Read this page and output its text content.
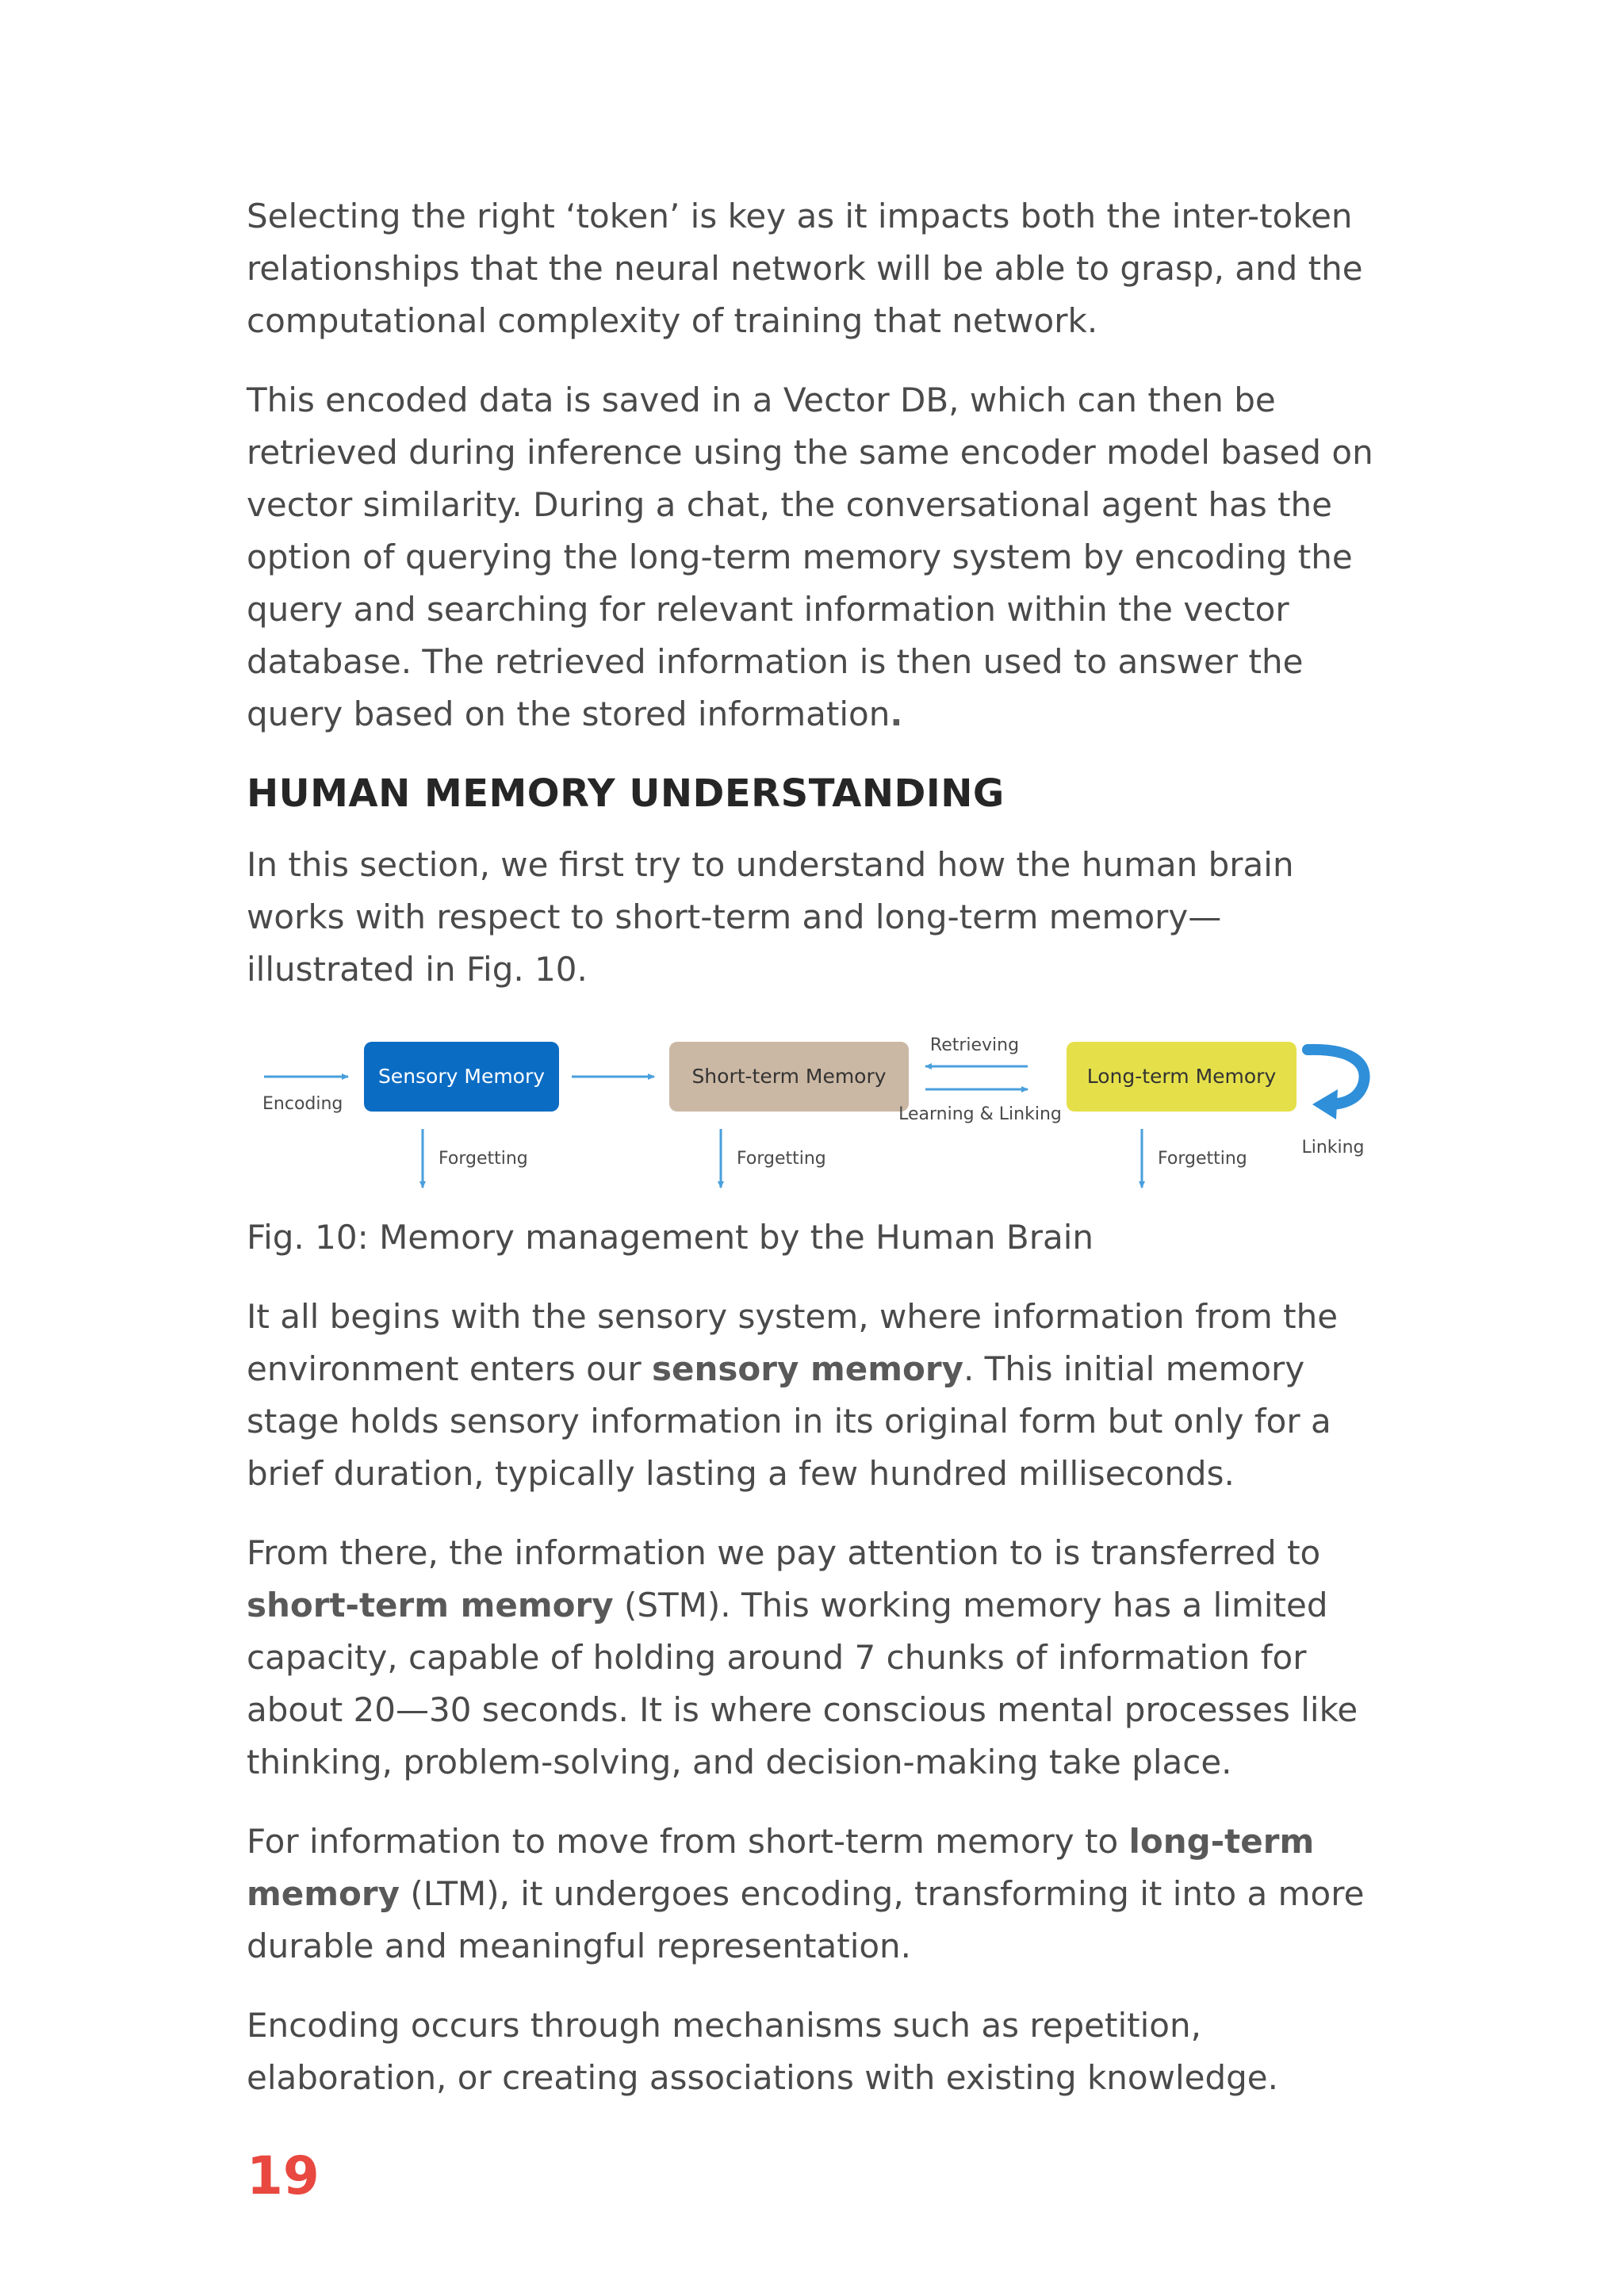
Selecting the right ‘token’ is key as it impacts both the inter-token relationships that the neural network will be able to grasp, and the computational complexity of training that network.

This encoded data is saved in a Vector DB, which can then be retrieved during inference using the same encoder model based on vector similarity. During a chat, the conversational agent has the option of querying the long-term memory system by encoding the query and searching for relevant information within the vector database. The retrieved information is then used to answer the query based on the stored information.

HUMAN MEMORY UNDERSTANDING

In this section, we first try to understand how the human brain works with respect to short-term and long-term memory— illustrated in Fig. 10.

Encoding
Sensory Memory	Short-term Memory
Retrieving
Learning & Linking
Long-term Memory
Linking
Forgetting	Forgetting	Forgetting

Fig. 10: Memory management by the Human Brain

It all begins with the sensory system, where information from the environment enters our sensory memory. This initial memory stage holds sensory information in its original form but only for a brief duration, typically lasting a few hundred milliseconds.

From there, the information we pay attention to is transferred to short-term memory (STM). This working memory has a limited capacity, capable of holding around 7 chunks of information for about 20—30 seconds. It is where conscious mental processes like thinking, problem-solving, and decision-making take place.

For information to move from short-term memory to long-term memory (LTM), it undergoes encoding, transforming it into a more durable and meaningful representation.

Encoding occurs through mechanisms such as repetition, elaboration, or creating associations with existing knowledge.

19
